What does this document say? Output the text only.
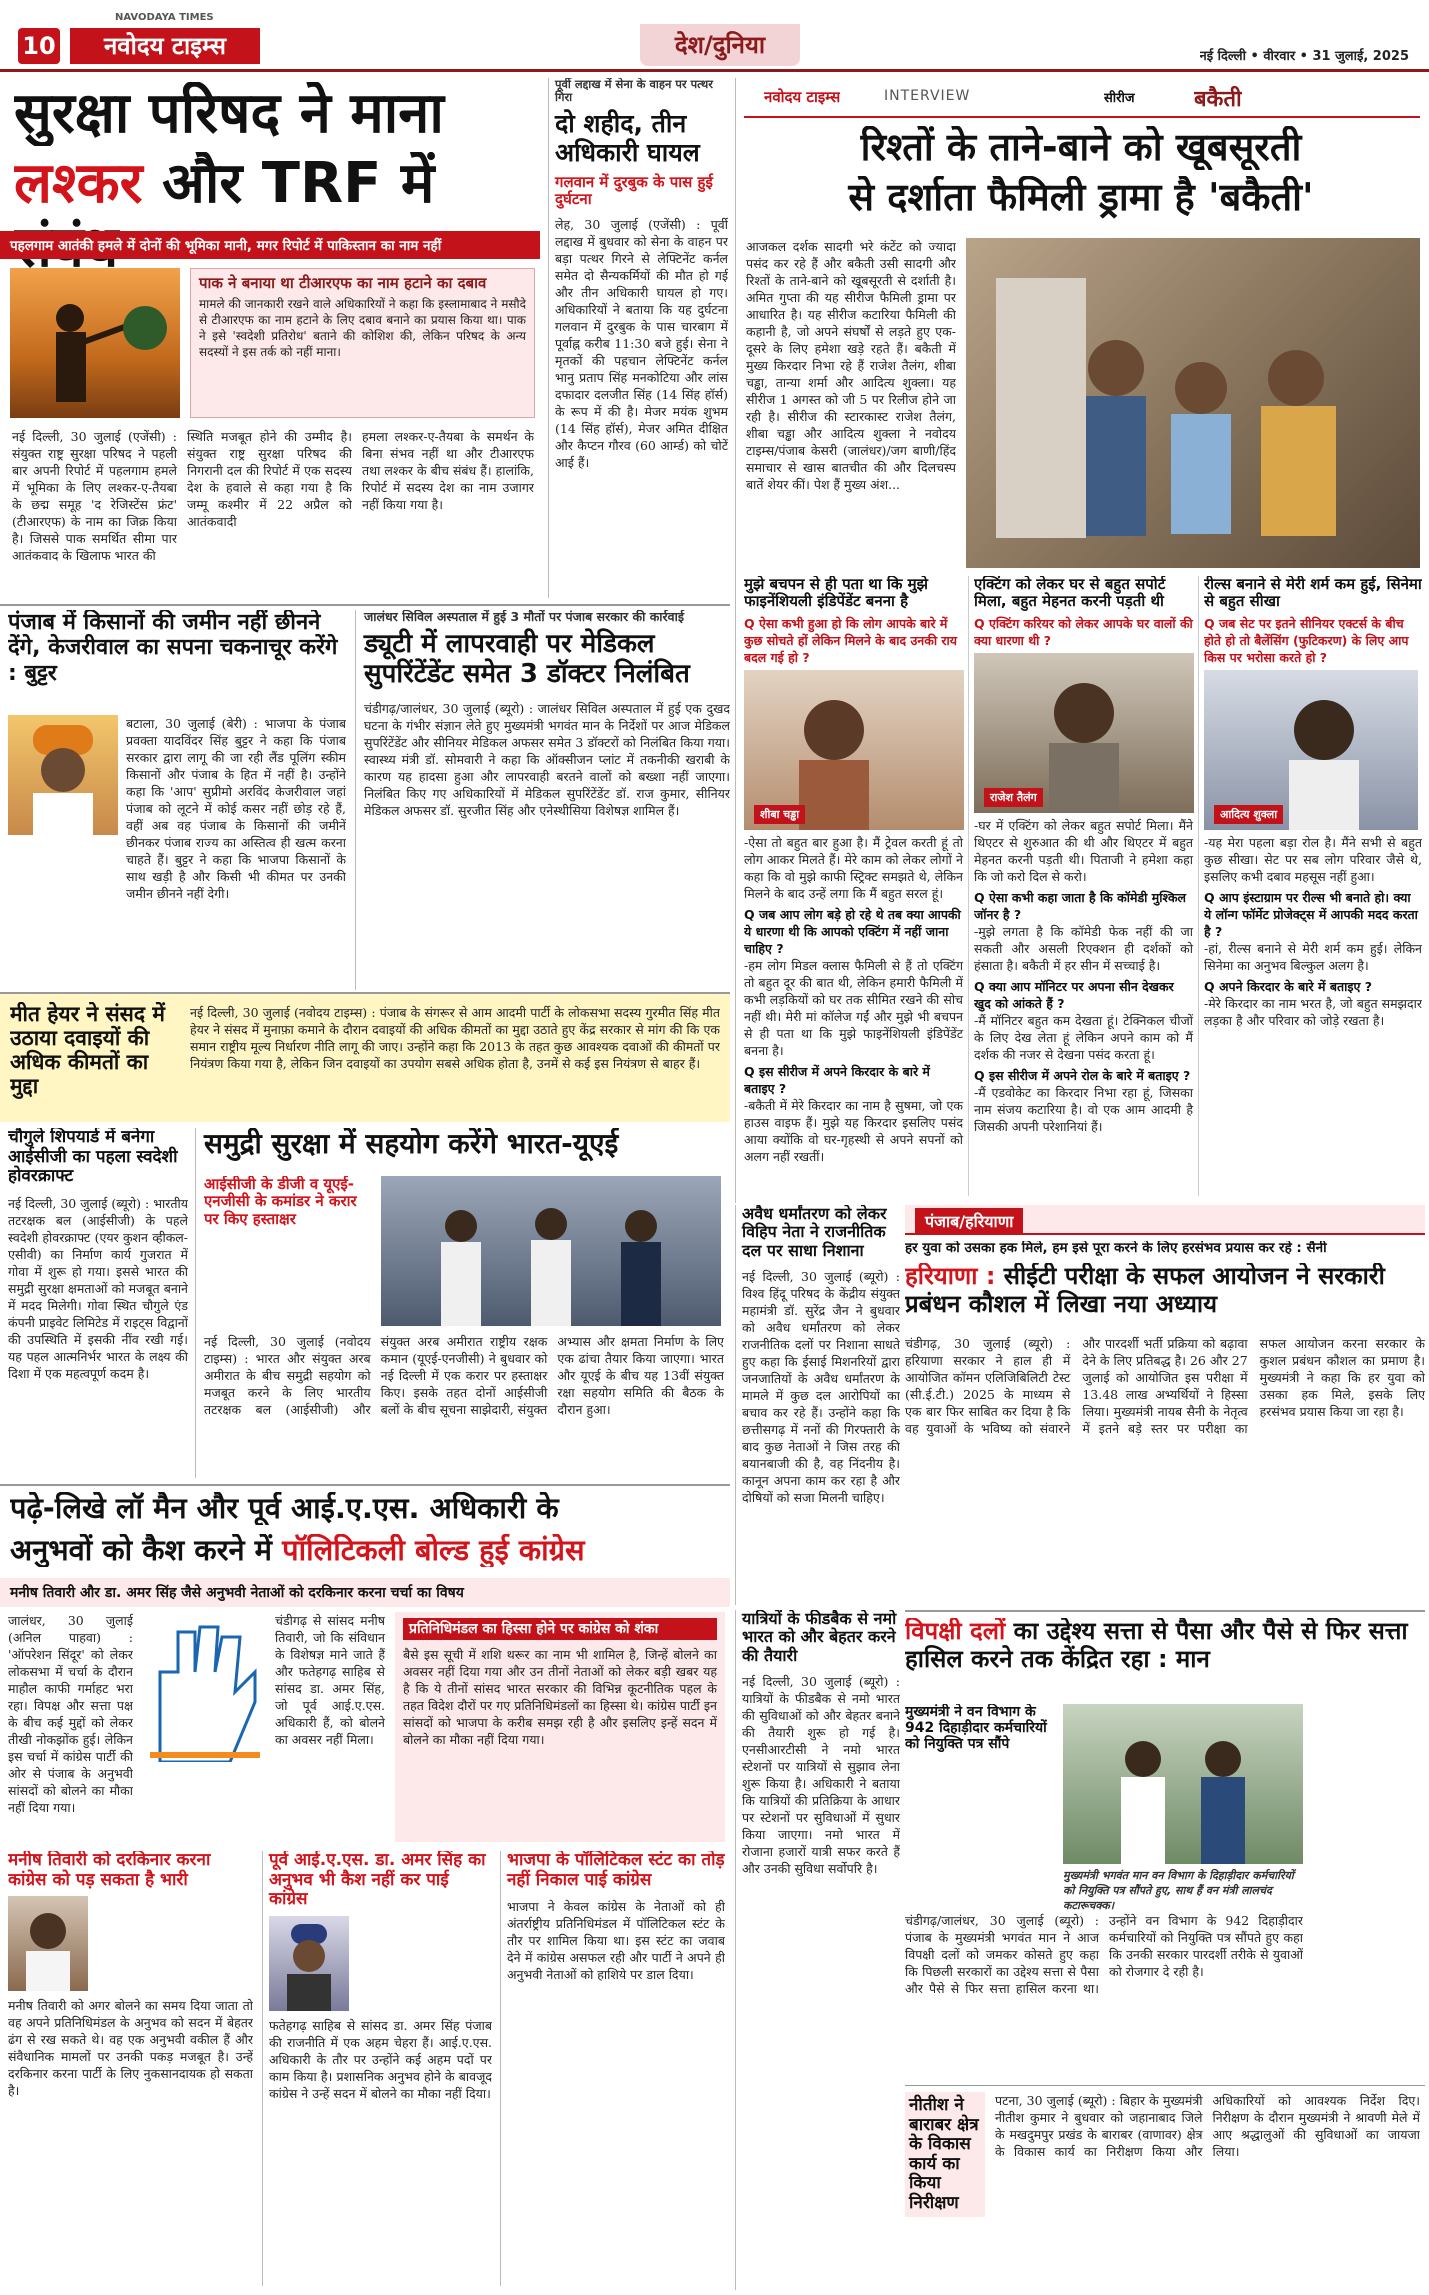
10
NAVODAYA TIMES
नवोदय टाइम्स	देश/दुनिया	नई दिल्ली • वीरवार • 31 जुलाई, 2025
सुरक्षा परिषद ने माना
लश्कर और TRF में
पहलगाम आतंकी हमले में दोनों की भूमिका मानी, मगर रिपोर्ट में पाकिस्तान का नाम नहीं
पाक ने बनाया था टीआरएफ का नाम हटाने का दबाव
मामले की जानकारी रखने वाले अधिकारियों ने कहा कि इस्लामाबाद ने मसौदे से टीआरएफ का नाम हटाने के लिए दबाव बनाने का प्रयास किया था। पाक ने इसे 'स्वदेशी प्रतिरोध' बताने की कोशिश की, लेकिन परिषद के अन्य सदस्यों ने इस तर्क को नहीं माना।
नई दिल्ली, 30 जुलाई (एजेंसी) : संयुक्त राष्ट्र सुरक्षा परिषद ने पहली बार अपनी रिपोर्ट में पहलगाम हमले में भूमिका के लिए लश्कर-ए-तैयबा के छद्म समूह 'द रेजिस्टेंस फ्रंट' (टीआरएफ) के नाम का जिक्र किया है। जिससे पाक समर्थित सीमा पार आतंकवाद के खिलाफ भारत की
स्थिति मजबूत होने की उम्मीद है। संयुक्त राष्ट्र सुरक्षा परिषद की निगरानी दल की रिपोर्ट में एक सदस्य देश के हवाले से कहा गया है कि जम्मू कश्मीर में 22 अप्रैल को आतंकवादी
हमला लश्कर-ए-तैयबा के समर्थन के बिना संभव नहीं था और टीआरएफ तथा लश्कर के बीच संबंध हैं। हालांकि, रिपोर्ट में सदस्य देश का नाम उजागर नहीं किया गया है।
पूर्वी लद्दाख में सेना के वाहन पर पत्थर गिरा
दो शहीद, तीन अधिकारी घायल
गलवान में दुरबुक के पास हुई दुर्घटना
लेह, 30 जुलाई (एजेंसी) : पूर्वी लद्दाख में बुधवार को सेना के वाहन पर बड़ा पत्थर गिरने से लेफ्टिनेंट कर्नल समेत दो सैन्यकर्मियों की मौत हो गई और तीन अधिकारी घायल हो गए। अधिकारियों ने बताया कि यह दुर्घटना गलवान में दुरबुक के पास चारबाग में पूर्वाह्न करीब 11:30 बजे हुई। सेना ने मृतकों की पहचान लेफ्टिनेंट कर्नल भानु प्रताप सिंह मनकोटिया और लांस दफादार दलजीत सिंह (14 सिंह हॉर्स) के रूप में की है। मेजर मयंक शुभम (14 सिंह हॉर्स), मेजर अमित दीक्षित और कैप्टन गौरव (60 आर्म्ड) को चोटें आई हैं।
नवोदय टाइम्स	INTERVIEW	सीरीज	बकैती
रिश्तों के ताने-बाने को खूबसूरती
से दर्शाता फैमिली ड्रामा है 'बकैती'
आजकल दर्शक सादगी भरे कंटेंट को ज्यादा पसंद कर रहे हैं और बकैती उसी सादगी और रिश्तों के ताने-बाने को खूबसूरती से दर्शाती है। अमित गुप्ता की यह सीरीज फैमिली ड्रामा पर आधारित है। यह सीरीज कटारिया फैमिली की कहानी है, जो अपने संघर्षों से लड़ते हुए एक-दूसरे के लिए हमेशा खड़े रहते हैं। बकैती में मुख्य किरदार निभा रहे हैं राजेश तैलंग, शीबा चड्ढा, तान्या शर्मा और आदित्य शुक्ला। यह सीरीज 1 अगस्त को जी 5 पर रिलीज होने जा रही है। सीरीज की स्टारकास्ट राजेश तैलंग, शीबा चड्ढा और आदित्य शुक्ला ने नवोदय टाइम्स/पंजाब केसरी (जालंधर)/जग बाणी/हिंद समाचार से खास बातचीत की और दिलचस्प बातें शेयर कीं। पेश हैं मुख्य अंश...
मुझे बचपन से ही पता था कि मुझे फाइनेंशियली इंडिपेंडेंट बनना है
Q ऐसा कभी हुआ हो कि लोग आपके बारे में कुछ सोचते हों लेकिन मिलने के बाद उनकी राय बदल गई हो ?
शीबा चड्ढा
-ऐसा तो बहुत बार हुआ है। मैं ट्रेवल करती हूं तो लोग आकर मिलते हैं। मेरे काम को लेकर लोगों ने कहा कि वो मुझे काफी स्ट्रिक्ट समझते थे, लेकिन मिलने के बाद उन्हें लगा कि मैं बहुत सरल हूं।
Q जब आप लोग बड़े हो रहे थे तब क्या आपकी ये धारणा थी कि आपको एक्टिंग में नहीं जाना चाहिए ?
-हम लोग मिडल क्लास फैमिली से हैं तो एक्टिंग तो बहुत दूर की बात थी, लेकिन हमारी फैमिली में कभी लड़कियों को घर तक सीमित रखने की सोच नहीं थी। मेरी मां कॉलेज गईं और मुझे भी बचपन से ही पता था कि मुझे फाइनेंशियली इंडिपेंडेंट बनना है।
Q इस सीरीज में अपने किरदार के बारे में बताइए ?
-बकैती में मेरे किरदार का नाम है सुषमा, जो एक हाउस वाइफ हैं। मुझे यह किरदार इसलिए पसंद आया क्योंकि वो घर-गृहस्थी से अपने सपनों को अलग नहीं रखतीं।
एक्टिंग को लेकर घर से बहुत सपोर्ट मिला, बहुत मेहनत करनी पड़ती थी
Q एक्टिंग करियर को लेकर आपके घर वालों की क्या धारणा थी ?
राजेश तैलंग
-घर में एक्टिंग को लेकर बहुत सपोर्ट मिला। मैंने थिएटर से शुरुआत की थी और थिएटर में बहुत मेहनत करनी पड़ती थी। पिताजी ने हमेशा कहा कि जो करो दिल से करो।
Q ऐसा कभी कहा जाता है कि कॉमेडी मुश्किल जॉनर है ?
-मुझे लगता है कि कॉमेडी फेक नहीं की जा सकती और असली रिएक्शन ही दर्शकों को हंसाता है। बकैती में हर सीन में सच्चाई है।
Q क्या आप मॉनिटर पर अपना सीन देखकर खुद को आंकते हैं ?
-मैं मॉनिटर बहुत कम देखता हूं। टेक्निकल चीजों के लिए देख लेता हूं लेकिन अपने काम को मैं दर्शक की नजर से देखना पसंद करता हूं।
Q इस सीरीज में अपने रोल के बारे में बताइए ?
-मैं एडवोकेट का किरदार निभा रहा हूं, जिसका नाम संजय कटारिया है। वो एक आम आदमी है जिसकी अपनी परेशानियां हैं।
रील्स बनाने से मेरी शर्म कम हुई, सिनेमा से बहुत सीखा
Q जब सेट पर इतने सीनियर एक्टर्स के बीच होते हो तो बैलेंसिंग (फुटिकरण) के लिए आप किस पर भरोसा करते हो ?
आदित्य शुक्ला
-यह मेरा पहला बड़ा रोल है। मैंने सभी से बहुत कुछ सीखा। सेट पर सब लोग परिवार जैसे थे, इसलिए कभी दबाव महसूस नहीं हुआ।
Q आप इंस्टाग्राम पर रील्स भी बनाते हो। क्या ये लॉन्ग फॉर्मेट प्रोजेक्ट्स में आपकी मदद करता है ?
-हां, रील्स बनाने से मेरी शर्म कम हुई। लेकिन सिनेमा का अनुभव बिल्कुल अलग है।
Q अपने किरदार के बारे में बताइए ?
-मेरे किरदार का नाम भरत है, जो बहुत समझदार लड़का है और परिवार को जोड़े रखता है।
पंजाब में किसानों की जमीन नहीं छीनने देंगे, केजरीवाल का सपना चकनाचूर करेंगे : बुट्टर
बटाला, 30 जुलाई (बेरी) : भाजपा के पंजाब प्रवक्ता यादविंदर सिंह बुट्टर ने कहा कि पंजाब सरकार द्वारा लागू की जा रही लैंड पूलिंग स्कीम किसानों और पंजाब के हित में नहीं है। उन्होंने कहा कि 'आप' सुप्रीमो अरविंद केजरीवाल जहां पंजाब को लूटने में कोई कसर नहीं छोड़ रहे हैं, वहीं अब वह पंजाब के किसानों की जमीनें छीनकर पंजाब राज्य का अस्तित्व ही खत्म करना चाहते हैं। बुट्टर ने कहा कि भाजपा किसानों के साथ खड़ी है और किसी भी कीमत पर उनकी जमीन छीनने नहीं देगी।
जालंधर सिविल अस्पताल में हुई 3 मौतों पर पंजाब सरकार की कार्रवाई
ड्यूटी में लापरवाही पर मेडिकल सुपरिंटेंडेंट समेत 3 डॉक्टर निलंबित
चंडीगढ़/जालंधर, 30 जुलाई (ब्यूरो) : जालंधर सिविल अस्पताल में हुई एक दुखद घटना के गंभीर संज्ञान लेते हुए मुख्यमंत्री भगवंत मान के निर्देशों पर आज मेडिकल सुपरिंटेंडेंट और सीनियर मेडिकल अफसर समेत 3 डॉक्टरों को निलंबित किया गया। स्वास्थ्य मंत्री डॉ. सोमवारी ने कहा कि ऑक्सीजन प्लांट में तकनीकी खराबी के कारण यह हादसा हुआ और लापरवाही बरतने वालों को बख्शा नहीं जाएगा। निलंबित किए गए अधिकारियों में मेडिकल सुपरिंटेंडेंट डॉ. राज कुमार, सीनियर मेडिकल अफसर डॉ. सुरजीत सिंह और एनेस्थीसिया विशेषज्ञ शामिल हैं।
मीत हेयर ने संसद में उठाया दवाइयों की अधिक कीमतों का मुद्दा
नई दिल्ली, 30 जुलाई (नवोदय टाइम्स) : पंजाब के संगरूर से आम आदमी पार्टी के लोकसभा सदस्य गुरमीत सिंह मीत हेयर ने संसद में मुनाफ़ा कमाने के दौरान दवाइयों की अधिक कीमतों का मुद्दा उठाते हुए केंद्र सरकार से मांग की कि एक समान राष्ट्रीय मूल्य निर्धारण नीति लागू की जाए। उन्होंने कहा कि 2013 के तहत कुछ आवश्यक दवाओं की कीमतों पर नियंत्रण किया गया है, लेकिन जिन दवाइयों का उपयोग सबसे अधिक होता है, उनमें से कई इस नियंत्रण से बाहर हैं।
चौगुले शिपयार्ड में बनेगा आईसीजी का पहला स्वदेशी होवरक्राफ्ट
नई दिल्ली, 30 जुलाई (ब्यूरो) : भारतीय तटरक्षक बल (आईसीजी) के पहले स्वदेशी होवरक्राफ्ट (एयर कुशन व्हीकल-एसीवी) का निर्माण कार्य गुजरात में गोवा में शुरू हो गया। इससे भारत की समुद्री सुरक्षा क्षमताओं को मजबूत बनाने में मदद मिलेगी। गोवा स्थित चौगुले एंड कंपनी प्राइवेट लिमिटेड में राइट्स विद्वानों की उपस्थिति में इसकी नींव रखी गई। यह पहल आत्मनिर्भर भारत के लक्ष्य की दिशा में एक महत्वपूर्ण कदम है।
समुद्री सुरक्षा में सहयोग करेंगे भारत-यूएई
आईसीजी के डीजी व यूएई-एनजीसी के कमांडर ने करार पर किए हस्ताक्षर
नई दिल्ली, 30 जुलाई (नवोदय टाइम्स) : भारत और संयुक्त अरब अमीरात के बीच समुद्री सहयोग को मजबूत करने के लिए भारतीय तटरक्षक बल (आईसीजी) और संयुक्त अरब अमीरात राष्ट्रीय रक्षक कमान (यूएई-एनजीसी) ने बुधवार को नई दिल्ली में एक करार पर हस्ताक्षर किए। इसके तहत दोनों आईसीजी बलों के बीच सूचना साझेदारी, संयुक्त अभ्यास और क्षमता निर्माण के लिए एक ढांचा तैयार किया जाएगा। भारत और यूएई के बीच यह 13वीं संयुक्त रक्षा सहयोग समिति की बैठक के दौरान हुआ।
अवैध धर्मांतरण को लेकर विहिप नेता ने राजनीतिक दल पर साधा निशाना
नई दिल्ली, 30 जुलाई (ब्यूरो) : विश्व हिंदू परिषद के केंद्रीय संयुक्त महामंत्री डॉ. सुरेंद्र जैन ने बुधवार को अवैध धर्मांतरण को लेकर राजनीतिक दलों पर निशाना साधते हुए कहा कि ईसाई मिशनरियों द्वारा जनजातियों के अवैध धर्मांतरण के मामले में कुछ दल आरोपियों का बचाव कर रहे हैं। उन्होंने कहा कि छत्तीसगढ़ में ननों की गिरफ्तारी के बाद कुछ नेताओं ने जिस तरह की बयानबाजी की है, वह निंदनीय है। कानून अपना काम कर रहा है और दोषियों को सजा मिलनी चाहिए।
पंजाब/हरियाणा
हर युवा को उसका हक मिले, हम इसे पूरा करने के लिए हरसंभव प्रयास कर रहे : सैनी
हरियाणा : सीईटी परीक्षा के सफल आयोजन ने सरकारी प्रबंधन कौशल में लिखा नया अध्याय
चंडीगढ़, 30 जुलाई (ब्यूरो) : हरियाणा सरकार ने हाल ही में आयोजित कॉमन एलिजिबिलिटी टेस्ट (सी.ई.टी.) 2025 के माध्यम से एक बार फिर साबित कर दिया है कि वह युवाओं के भविष्य को संवारने और पारदर्शी भर्ती प्रक्रिया को बढ़ावा देने के लिए प्रतिबद्ध है। 26 और 27 जुलाई को आयोजित इस परीक्षा में 13.48 लाख अभ्यर्थियों ने हिस्सा लिया। मुख्यमंत्री नायब सैनी के नेतृत्व में इतने बड़े स्तर पर परीक्षा का सफल आयोजन करना सरकार के कुशल प्रबंधन कौशल का प्रमाण है। मुख्यमंत्री ने कहा कि हर युवा को उसका हक मिले, इसके लिए हरसंभव प्रयास किया जा रहा है।
पढ़े-लिखे लॉ मैन और पूर्व आई.ए.एस. अधिकारी के
अनुभवों को कैश करने में पॉलिटिकली बोल्ड हुई कांग्रेस
मनीष तिवारी और डा. अमर सिंह जैसे अनुभवी नेताओं को दरकिनार करना चर्चा का विषय
जालंधर, 30 जुलाई (अनिल पाहवा) : 'ऑपरेशन सिंदूर' को लेकर लोकसभा में चर्चा के दौरान माहौल काफी गर्माहट भरा रहा। विपक्ष और सत्ता पक्ष के बीच कई मुद्दों को लेकर तीखी नोकझोंक हुई। लेकिन इस चर्चा में कांग्रेस पार्टी की ओर से पंजाब के अनुभवी सांसदों को बोलने का मौका नहीं दिया गया।
चंडीगढ़ से सांसद मनीष तिवारी, जो कि संविधान के विशेषज्ञ माने जाते हैं और फतेहगढ़ साहिब से सांसद डा. अमर सिंह, जो पूर्व आई.ए.एस. अधिकारी हैं, को बोलने का अवसर नहीं मिला।
प्रतिनिधिमंडल का हिस्सा होने पर कांग्रेस को शंका
बैसे इस सूची में शशि थरूर का नाम भी शामिल है, जिन्हें बोलने का अवसर नहीं दिया गया और उन तीनों नेताओं को लेकर बड़ी खबर यह है कि ये तीनों सांसद भारत सरकार की विभिन्न कूटनीतिक पहल के तहत विदेश दौरों पर गए प्रतिनिधिमंडलों का हिस्सा थे। कांग्रेस पार्टी इन सांसदों को भाजपा के करीब समझ रही है और इसलिए इन्हें सदन में बोलने का मौका नहीं दिया गया।
मनीष तिवारी को दरकिनार करना कांग्रेस को पड़ सकता है भारी
मनीष तिवारी को अगर बोलने का समय दिया जाता तो वह अपने प्रतिनिधिमंडल के अनुभव को सदन में बेहतर ढंग से रख सकते थे। वह एक अनुभवी वकील हैं और संवैधानिक मामलों पर उनकी पकड़ मजबूत है। उन्हें दरकिनार करना पार्टी के लिए नुकसानदायक हो सकता है।
पूर्व आई.ए.एस. डा. अमर सिंह का अनुभव भी कैश नहीं कर पाई कांग्रेस
फतेहगढ़ साहिब से सांसद डा. अमर सिंह पंजाब की राजनीति में एक अहम चेहरा हैं। आई.ए.एस. अधिकारी के तौर पर उन्होंने कई अहम पदों पर काम किया है। प्रशासनिक अनुभव होने के बावजूद कांग्रेस ने उन्हें सदन में बोलने का मौका नहीं दिया।
भाजपा के पॉलिटिकल स्टंट का तोड़ नहीं निकाल पाई कांग्रेस
भाजपा ने केवल कांग्रेस के नेताओं को ही अंतर्राष्ट्रीय प्रतिनिधिमंडल में पॉलिटिकल स्टंट के तौर पर शामिल किया था। इस स्टंट का जवाब देने में कांग्रेस असफल रही और पार्टी ने अपने ही अनुभवी नेताओं को हाशिये पर डाल दिया।
यात्रियों के फीडबैक से नमो भारत को और बेहतर करने की तैयारी
नई दिल्ली, 30 जुलाई (ब्यूरो) : यात्रियों के फीडबैक से नमो भारत की सुविधाओं को और बेहतर बनाने की तैयारी शुरू हो गई है। एनसीआरटीसी ने नमो भारत स्टेशनों पर यात्रियों से सुझाव लेना शुरू किया है। अधिकारी ने बताया कि यात्रियों की प्रतिक्रिया के आधार पर स्टेशनों पर सुविधाओं में सुधार किया जाएगा। नमो भारत में रोजाना हजारों यात्री सफर करते हैं और उनकी सुविधा सर्वोपरि है।
विपक्षी दलों का उद्देश्य सत्ता से पैसा और पैसे से फिर सत्ता हासिल करने तक केंद्रित रहा : मान
मुख्यमंत्री ने वन विभाग के 942 दिहाड़ीदार कर्मचारियों को नियुक्ति पत्र सौंपे
मुख्यमंत्री भगवंत मान वन विभाग के दिहाड़ीदार कर्मचारियों को नियुक्ति पत्र सौंपते हुए, साथ हैं वन मंत्री लालचंद कटारूचक्क।
चंडीगढ़/जालंधर, 30 जुलाई (ब्यूरो) : पंजाब के मुख्यमंत्री भगवंत मान ने आज विपक्षी दलों को जमकर कोसते हुए कहा कि पिछली सरकारों का उद्देश्य सत्ता से पैसा और पैसे से फिर सत्ता हासिल करना था। उन्होंने वन विभाग के 942 दिहाड़ीदार कर्मचारियों को नियुक्ति पत्र सौंपते हुए कहा कि उनकी सरकार पारदर्शी तरीके से युवाओं को रोजगार दे रही है।
नीतीश ने बाराबर क्षेत्र के विकास कार्य का किया निरीक्षण
पटना, 30 जुलाई (ब्यूरो) : बिहार के मुख्यमंत्री नीतीश कुमार ने बुधवार को जहानाबाद जिले के मखदुमपुर प्रखंड के बाराबर (वाणावर) क्षेत्र के विकास कार्य का निरीक्षण किया और अधिकारियों को आवश्यक निर्देश दिए। निरीक्षण के दौरान मुख्यमंत्री ने श्रावणी मेले में आए श्रद्धालुओं की सुविधाओं का जायजा लिया।
